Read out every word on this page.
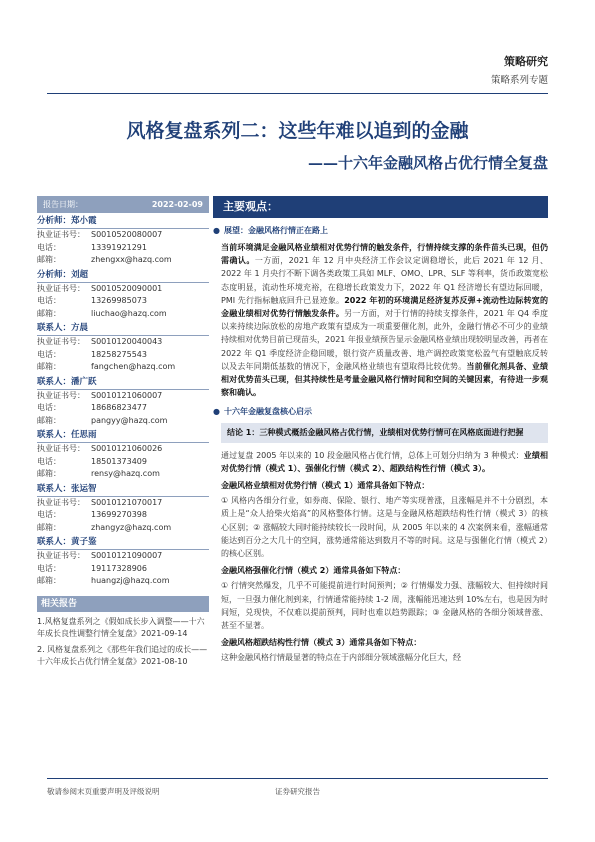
策略研究
策略系列专题
风格复盘系列二：这些年难以追到的金融
——十六年金融风格占优行情全复盘
报告日期：	2022-02-09
分析师：郑小霞
执业证书号： S0010520080007
电话：	13391921291
邮箱：	zhengxx@hazq.com
分析师：刘超
执业证书号： S0010520090001
电话：	13269985073
邮箱：	liuchao@hazq.com
联系人：方晨
执业证书号： S0010120040043
电话：	18258275543
邮箱：	fangchen@hazq.com
联系人：潘广跃
执业证书号： S0010121060007
电话：	18686823477
邮箱：	pangyy@hazq.com
联系人：任思雨
执业证书号： S0010121060026
电话：	18501373409
邮箱：	rensy@hazq.com
联系人：张运智
执业证书号： S0010121070017
电话：	13699270398
邮箱：	zhangyz@hazq.com
联系人：黄子鉴
执业证书号： S0010121090007
电话：	19117328906
邮箱：	huangzj@hazq.com
相关报告
1.风格复盘系列之《假如成长步入调整——十六年成长良性调整行情全复盘》2021-09-14
2. 风格复盘系列之《那些年我们追过的成长——十六年成长占优行情全复盘》2021-08-10
主要观点：
● 展望：金融风格行情正在路上

当前环境满足金融风格业绩相对优势行情的触发条件，行情持续支撑的条件苗头已现，但仍需确认。一方面，2021 年 12 月中央经济工作会议定调稳增长，此后 2021 年 12 月、2022 年 1 月央行不断下调各类政策工具如 MLF、OMO、LPR、SLF 等利率，货币政策宽松态度明显，流动性环境充裕，在稳增长政策发力下，2022 年 Q1 经济增长有望边际回暖，PMI 先行指标触底回升已显迹象。2022 年初的环境满足经济复苏反弹+流动性边际转宽的金融业绩相对优势行情触发条件。另一方面，对于行情的持续支撑条件，2021 年 Q4 季度以来持续边际放松的房地产政策有望成为一项重要催化剂，此外，金融行情必不可少的业绩持续相对优势目前已现苗头，2021 年报业绩预告显示金融风格业绩出现较明显改善，再者在 2022 年 Q1 季度经济企稳回暖，银行资产质量改善、地产调控政策宽松盈气有望触底反转以及去年同期低基数的情况下，金融风格业绩也有望取得比较优势。当前催化剂具备、业绩相对优势苗头已现，但其持续性是考量金融风格行情时间和空间的关键因素，有待进一步观察和确认。

● 十六年金融复盘核心启示
结论 1：三种模式概括金融风格占优行情，业绩相对优势行情可在风格底面进行把握

通过复盘 2005 年以来的 10 段金融风格占优行情，总体上可划分归纳为 3 种模式：业绩相对优势行情（模式 1）、强催化行情（模式 2）、超跌结构性行情（模式 3）。

金融风格业绩相对优势行情（模式 1）通常具备如下特点：

① 风格内各细分行业，如券商、保险、银行、地产等实现普涨，且涨幅是并不十分剧烈，本质上是“众人拾柴火焰高”的风格整体行情。这是与金融风格超跌结构性行情（模式 3）的核心区别；② 涨幅较大同时能持续较长一段时间，从 2005 年以来的 4 次案例来看，涨幅通常能达到百分之大几十的空间，涨势通常能达到数月不等的时间。这是与强催化行情（模式 2）的核心区别。

金融风格强催化行情（模式 2）通常具备如下特点：

① 行情突然爆发，几乎不可能提前进行时间预判；② 行情爆发力强、涨幅较大、但持续时间短，一旦强力催化剂到来，行情通常能持续 1-2 周，涨幅能迅速达到 10%左右，也是因为时间短，兑现快，不仅难以提前预判，同时也难以趋势跟踪；③ 金融风格的各细分领域普涨、甚至不显著。

金融风格超跌结构性行情（模式 3）通常具备如下特点：

这种金融风格行情最显著的特点在于内部细分领域涨幅分化巨大，经

敬请参阅末页重要声明及评级说明	证券研究报告
